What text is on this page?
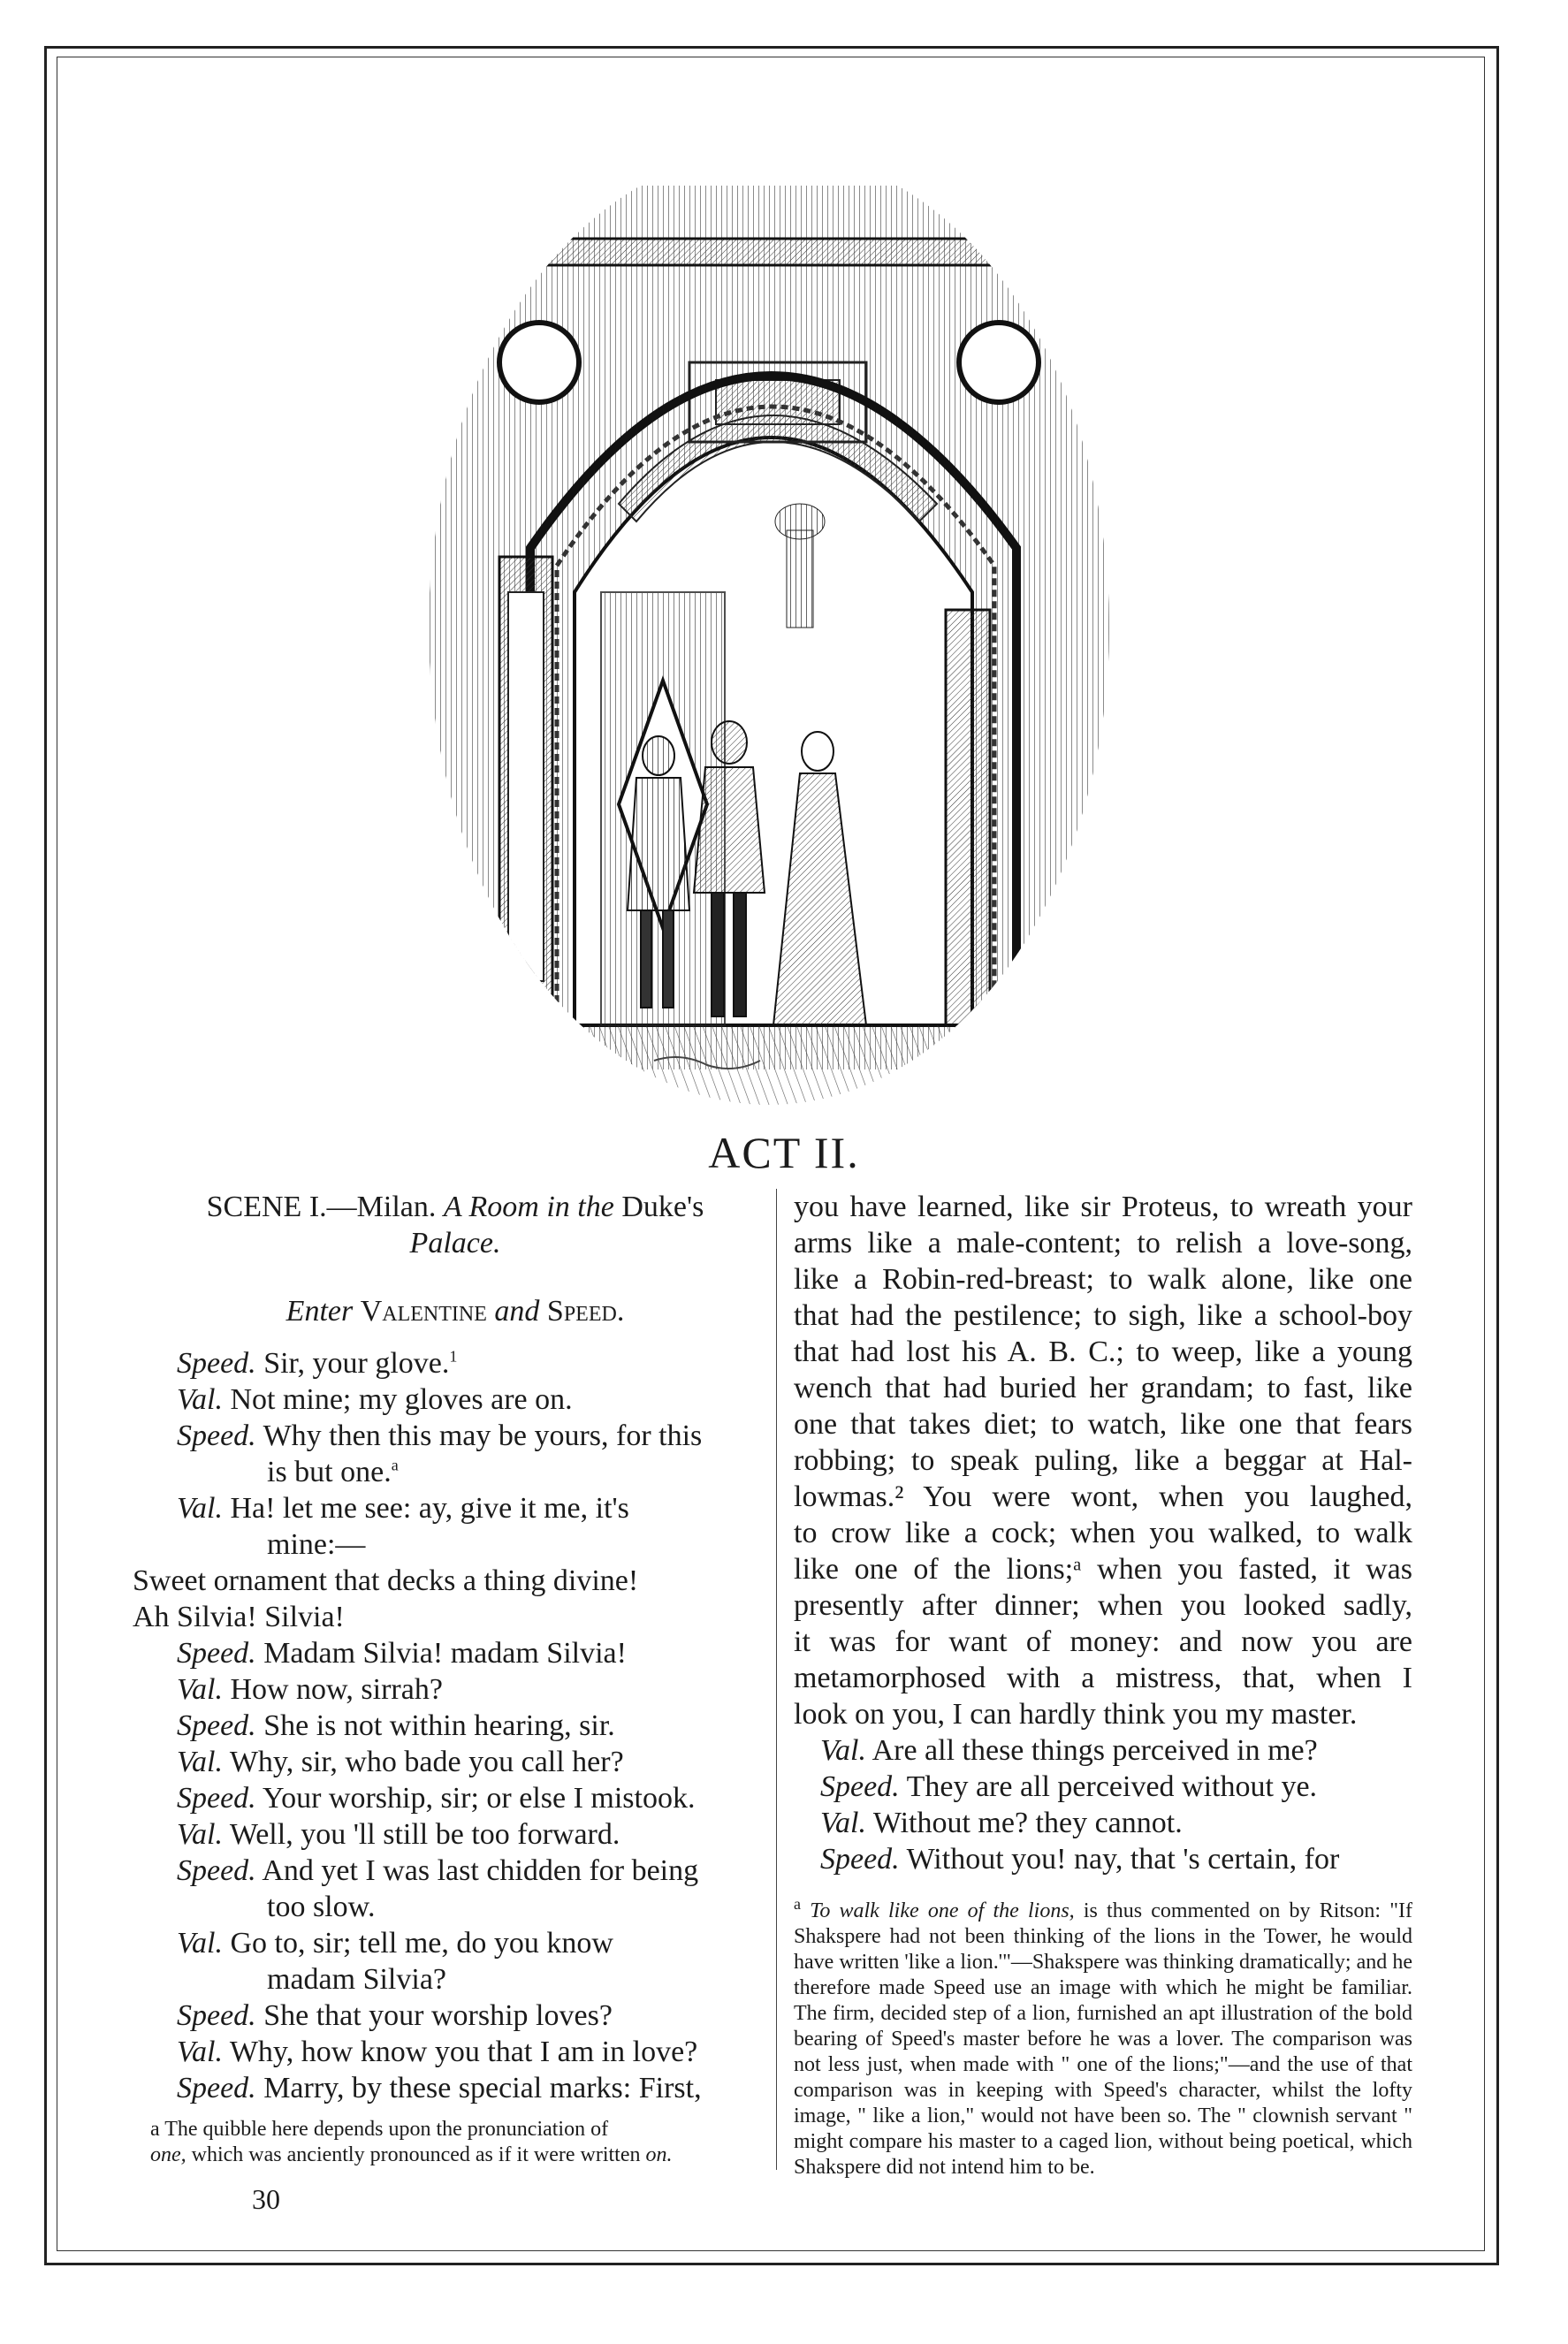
ACT II.
SCENE I.—Milan. A Room in the Duke's
Palace.
Enter Valentine and Speed.
Speed. Sir, your glove.$^1$
Val. Not mine; my gloves are on.
Speed. Why then this may be yours, for this
is but one.$^a$
Val. Ha! let me see: ay, give it me, it's
mine:—
Sweet ornament that decks a thing divine!
Ah Silvia! Silvia!
Speed. Madam Silvia! madam Silvia!
Val. How now, sirrah?
Speed. She is not within hearing, sir.
Val. Why, sir, who bade you call her?
Speed. Your worship, sir; or else I mistook.
Val. Well, you 'll still be too forward.
Speed. And yet I was last chidden for being
too slow.
Val. Go to, sir; tell me, do you know
madam Silvia?
Speed. She that your worship loves?
Val. Why, how know you that I am in love?
Speed. Marry, by these special marks: First,
you have learned, like sir Proteus, to wreath your
arms like a male-content; to relish a love-song,
like a Robin-red-breast; to walk alone, like one
that had the pestilence; to sigh, like a school-boy
that had lost his A. B. C.; to weep, like a young
wench that had buried her grandam; to fast, like
one that takes diet; to watch, like one that fears
robbing; to speak puling, like a beggar at Hal-
lowmas.² You were wont, when you laughed,
to crow like a cock; when you walked, to walk
like one of the lions;ᵃ when you fasted, it was
presently after dinner; when you looked sadly,
it was for want of money: and now you are
metamorphosed with a mistress, that, when I
look on you, I can hardly think you my master.
Val. Are all these things perceived in me?
Speed. They are all perceived without ye.
Val. Without me? they cannot.
Speed. Without you! nay, that 's certain, for
$^a$ To walk like one of the lions, is thus commented on by Ritson: "If Shakspere had not been thinking of the lions in the Tower, he would have written 'like a lion.'"—Shakspere was thinking dramatically; and he therefore made Speed use an image with which he might be familiar. The firm, decided step of a lion, furnished an apt illustration of the bold bearing of Speed's master before he was a lover. The comparison was not less just, when made with " one of the lions;"—and the use of that comparison was in keeping with Speed's character, whilst the lofty image, " like a lion," would not have been so. The " clownish servant " might compare his master to a caged lion, without being poetical, which Shakspere did not intend him to be.
a The quibble here depends upon the pronunciation of
one, which was anciently pronounced as if it were written on.
30
